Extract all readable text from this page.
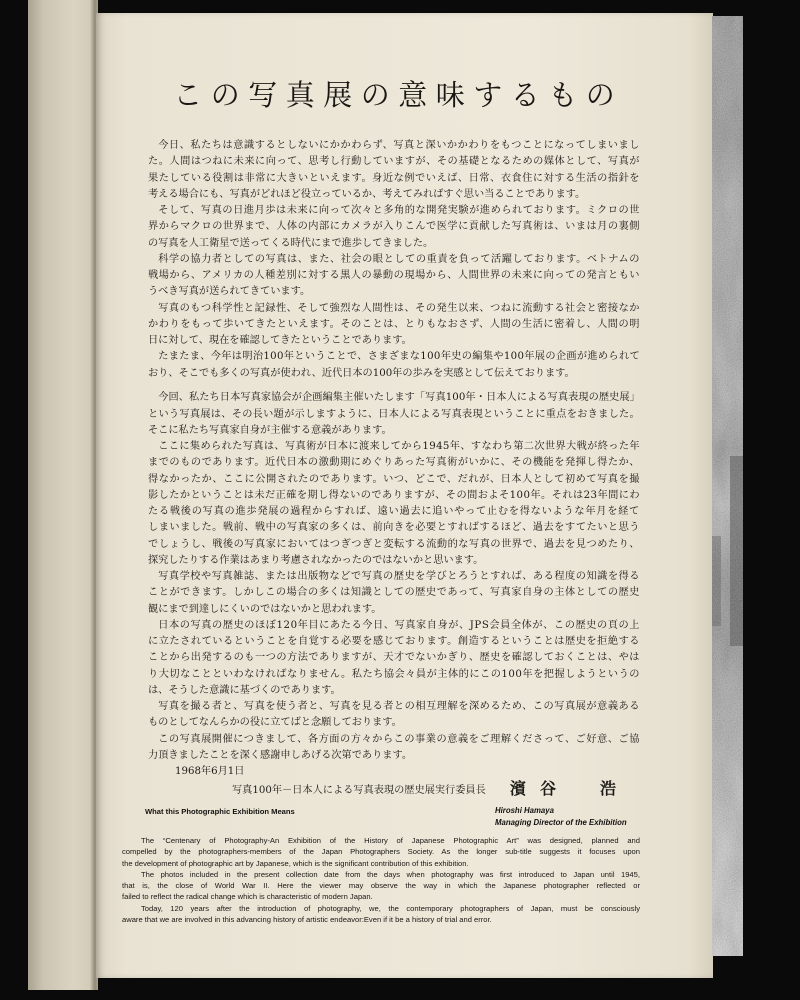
この写真展の意味するもの
今日、私たちは意識するとしないにかかわらず、写真と深いかかわりをもつことになってしまいまし
た。人間はつねに未来に向って、思考し行動していますが、その基礎となるための媒体として、写真が
果たしている役割は非常に大きいといえます。身近な例でいえば、日常、衣食住に対する生活の指針を
考える場合にも、写真がどれほど役立っているか、考えてみればすぐ思い当ることであります。
そして、写真の日進月歩は未来に向って次々と多角的な開発実験が進められております。ミクロの世
界からマクロの世界まで、人体の内部にカメラが入りこんで医学に貢献した写真術は、いまは月の裏側
の写真を人工衛星で送ってくる時代にまで進歩してきました。
科学の協力者としての写真は、また、社会の眼としての重責を負って活躍しております。ベトナムの
戦場から、アメリカの人種差別に対する黒人の暴動の現場から、人間世界の未来に向っての発言ともい
うべき写真が送られてきています。
写真のもつ科学性と記録性、そして強烈な人間性は、その発生以来、つねに流動する社会と密接なか
かわりをもって歩いてきたといえます。そのことは、とりもなおさず、人間の生活に密着し、人間の明
日に対して、現在を確認してきたということであります。
たまたま、今年は明治100年ということで、さまざまな100年史の編集や100年展の企画が進められて
おり、そこでも多くの写真が使われ、近代日本の100年の歩みを実感として伝えております。
今回、私たち日本写真家協会が企画編集主催いたします「写真100年・日本人による写真表現の歴史展」
という写真展は、その長い題が示しますように、日本人による写真表現ということに重点をおきました。
そこに私たち写真家自身が主催する意義があります。
ここに集められた写真は、写真術が日本に渡来してから1945年、すなわち第二次世界大戦が終った年
までのものであります。近代日本の激動期にめぐりあった写真術がいかに、その機能を発揮し得たか、
得なかったか、ここに公開されたのであります。いつ、どこで、だれが、日本人として初めて写真を撮
影したかということは未だ正確を期し得ないのでありますが、その間およそ100年。それは23年間にわ
たる戦後の写真の進歩発展の過程からすれば、遠い過去に追いやって止むを得ないような年月を経て
しまいました。戦前、戦中の写真家の多くは、前向きを必要とすればするほど、過去をすてたいと思う
でしょうし、戦後の写真家においてはつぎつぎと変転する流動的な写真の世界で、過去を見つめたり、
探究したりする作業はあまり考慮されなかったのではないかと思います。
写真学校や写真雑誌、または出版物などで写真の歴史を学びとろうとすれば、ある程度の知識を得る
ことができます。しかしこの場合の多くは知識としての歴史であって、写真家自身の主体としての歴史
観にまで到達しにくいのではないかと思われます。
日本の写真の歴史のほぼ120年目にあたる今日、写真家自身が、JPS会員全体が、この歴史の頁の上
に立たされているということを自覚する必要を感じております。創造するということは歴史を拒絶する
ことから出発するのも一つの方法でありますが、天才でないかぎり、歴史を確認しておくことは、やは
り大切なことといわなければなりません。私たち協会々員が主体的にこの100年を把握しようというの
は、そうした意識に基づくのであります。
写真を撮る者と、写真を使う者と、写真を見る者との相互理解を深めるため、この写真展が意義ある
ものとしてなんらかの役に立てばと念願しております。
この写真展開催につきまして、各方面の方々からこの事業の意義をご理解くださって、ご好意、ご協
力頂きましたことを深く感謝申しあげる次第であります。
1968年6月1日
写真100年－日本人による写真表現の歴史展実行委員長 濱谷　浩
What this Photographic Exhibition Means	Hiroshi Hamaya
Managing Director of the Exhibition
The “Centenary of Photography-An Exhibition of the History of Japanese Photographic Art” was designed, planned and
compelled by the photographers-members of the Japan Photographers Society. As the longer sub-title suggests it focuses upon
the development of photographic art by Japanese, which is the significant contribution of this exhibition.
The photos included in the present collection date from the days when photography was first introduced to Japan until 1945,
that is, the close of World War II. Here the viewer may observe the way in which the Japanese photographer reflected or
failed to reflect the radical change which is characteristic of modern Japan.
Today, 120 years after the introduction of photography, we, the contemporary photographers of Japan, must be consciously
aware that we are involved in this advancing history of artistic endeavor:Even if it be a history of trial and error.
